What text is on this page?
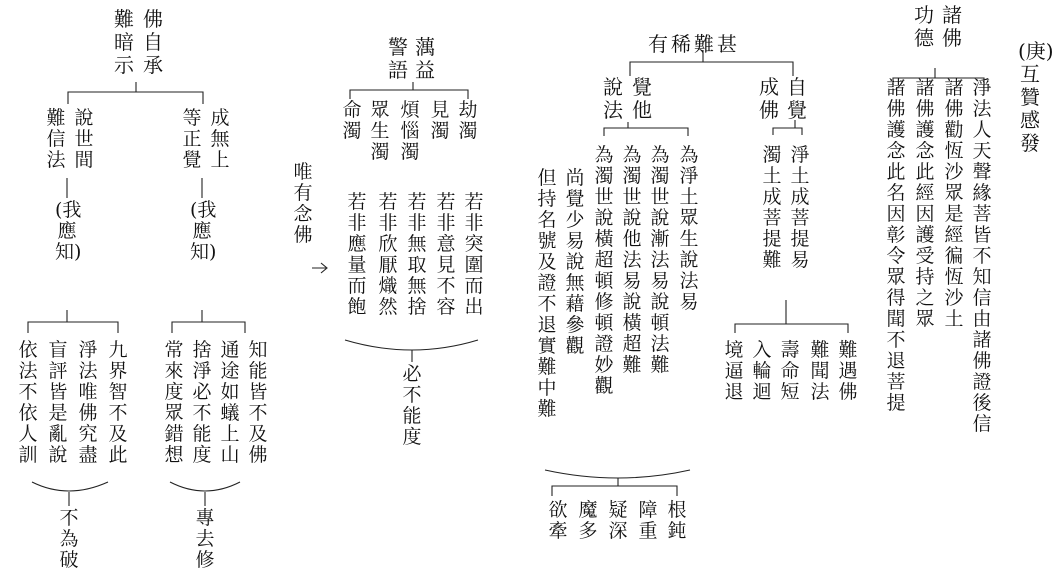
(庚)互贊感發
佛自承
難暗示
說世間
難信法
(我應知)
九界智不及此
淨法唯佛究盡
盲評皆是亂說
依法不依人訓
不為破
成無上
等正覺
(我應知)
知能皆不及佛
通途如蟻上山
捨淨必不能度
常來度眾錯想
專去修
蕅益
警語
劫濁
見濁
煩惱濁
眾生濁
命濁
唯有念佛
若非突圍而出
若非意見不容
若非無取無捨
若非欣厭熾然
若非應量而飽
必不能度
甚難稀有
自覺
成佛
淨土成菩提易
濁土成菩提難
難遇佛
難聞法
壽命短
入輪迴
境逼退
覺他
說法
為淨土眾生說法易
為濁世說漸法易說頓法難
為濁世說他法易說橫超難
為濁世說橫超頓修頓證妙觀
尚覺少易說無藉參觀
但持名號及證不退實難中難
根鈍
障重
疑深
魔多
欲牽
諸佛
功德
淨法人天聲緣菩皆不知信由諸佛證後信
諸佛勸恆沙眾是經徧恆沙土
諸佛護念此經因護受持之眾
諸佛護念此名因彰令眾得聞不退菩提
